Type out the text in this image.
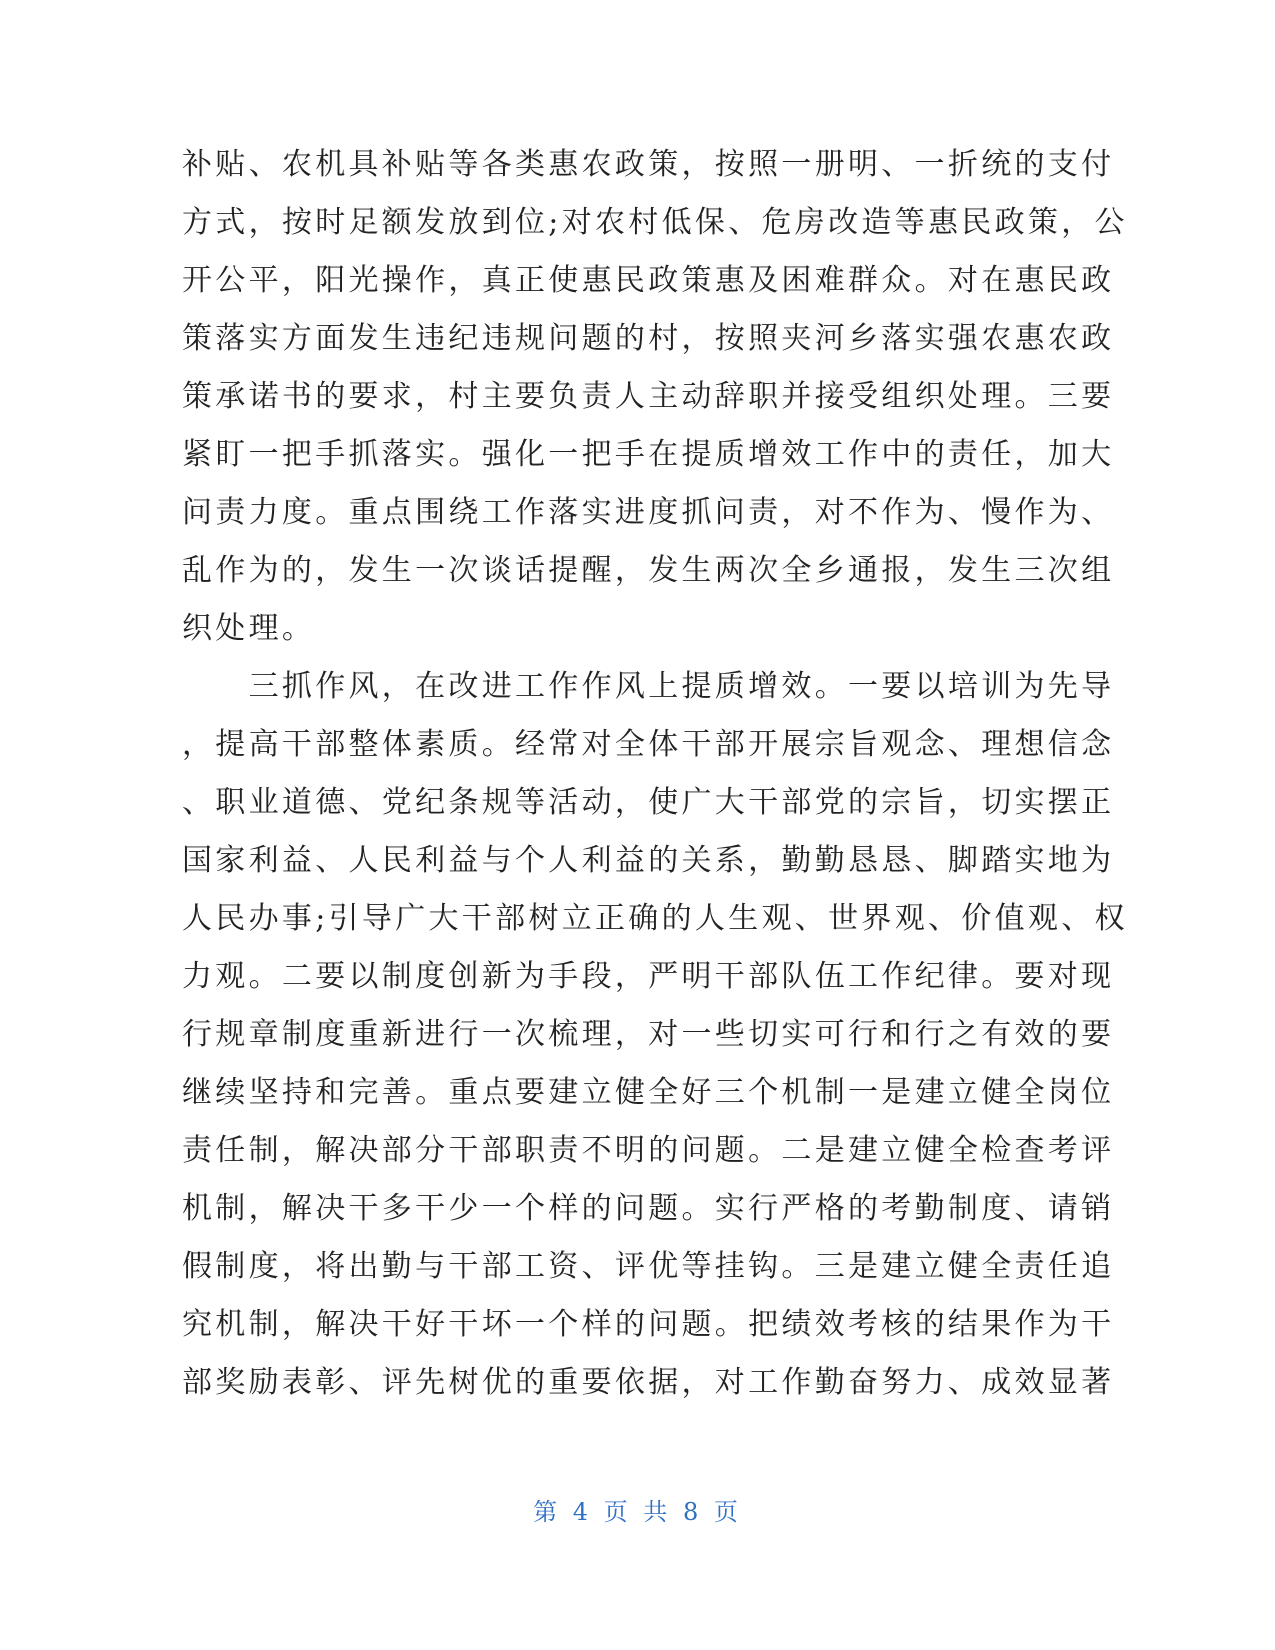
补贴、农机具补贴等各类惠农政策，按照一册明、一折统的支付
方式，按时足额发放到位;对农村低保、危房改造等惠民政策，公
开公平，阳光操作，真正使惠民政策惠及困难群众。对在惠民政
策落实方面发生违纪违规问题的村，按照夹河乡落实强农惠农政
策承诺书的要求，村主要负责人主动辞职并接受组织处理。三要
紧盯一把手抓落实。强化一把手在提质增效工作中的责任，加大
问责力度。重点围绕工作落实进度抓问责，对不作为、慢作为、
乱作为的，发生一次谈话提醒，发生两次全乡通报，发生三次组
织处理。
　　三抓作风，在改进工作作风上提质增效。一要以培训为先导
，提高干部整体素质。经常对全体干部开展宗旨观念、理想信念
、职业道德、党纪条规等活动，使广大干部党的宗旨，切实摆正
国家利益、人民利益与个人利益的关系，勤勤恳恳、脚踏实地为
人民办事;引导广大干部树立正确的人生观、世界观、价值观、权
力观。二要以制度创新为手段，严明干部队伍工作纪律。要对现
行规章制度重新进行一次梳理，对一些切实可行和行之有效的要
继续坚持和完善。重点要建立健全好三个机制一是建立健全岗位
责任制，解决部分干部职责不明的问题。二是建立健全检查考评
机制，解决干多干少一个样的问题。实行严格的考勤制度、请销
假制度，将出勤与干部工资、评优等挂钩。三是建立健全责任追
究机制，解决干好干坏一个样的问题。把绩效考核的结果作为干
部奖励表彰、评先树优的重要依据，对工作勤奋努力、成效显著
第 4 页 共 8 页
